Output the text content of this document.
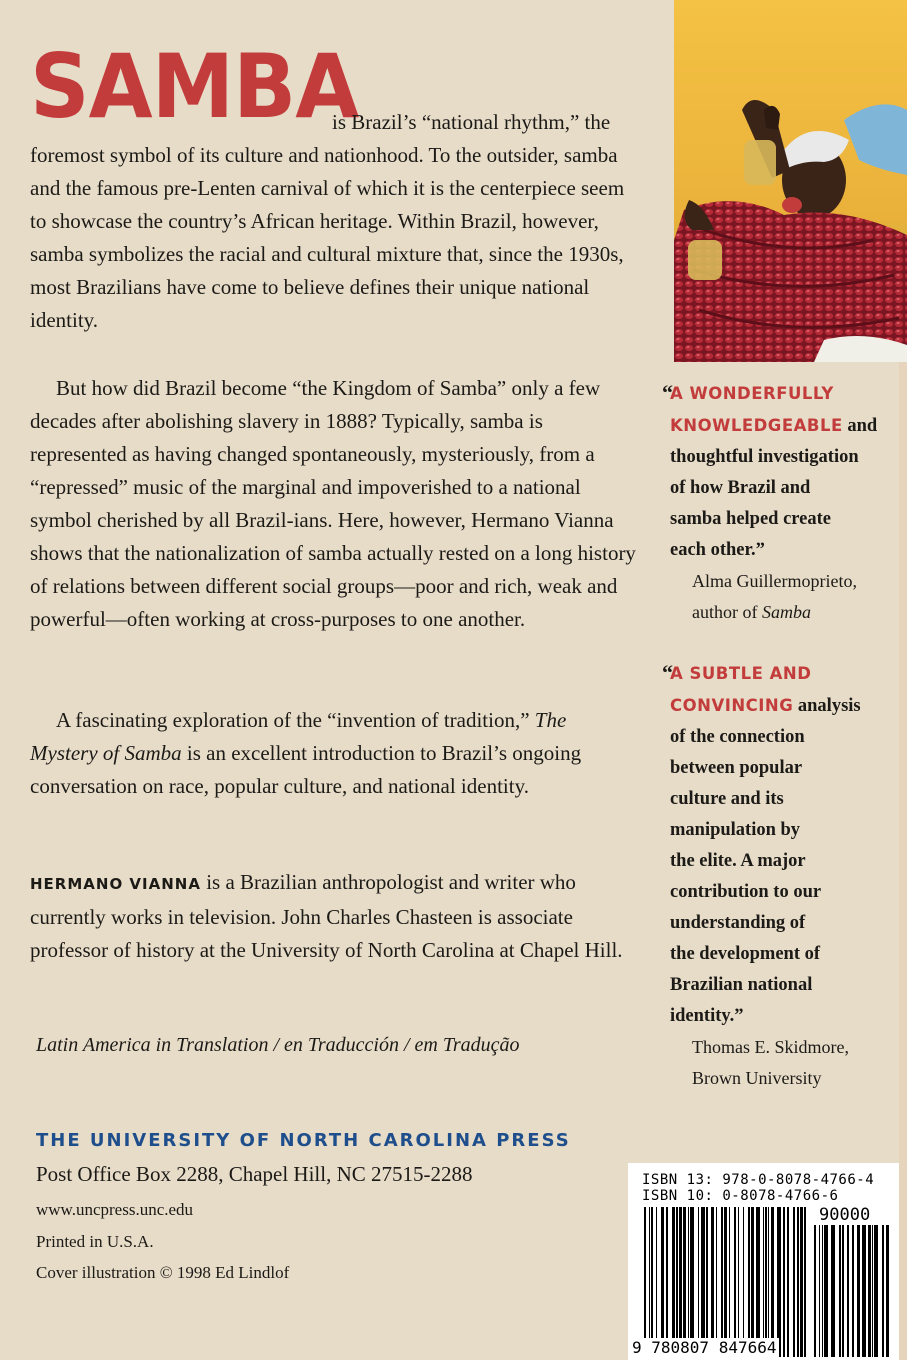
SAMBA
is Brazil’s “national rhythm,” the foremost symbol of its culture and nationhood. To the outsider, samba and the famous pre-Lenten carnival of which it is the centerpiece seem to showcase the country’s African heritage. Within Brazil, however, samba symbolizes the racial and cultural mixture that, since the 1930s, most Brazilians have come to believe defines their unique national identity.
But how did Brazil become “the Kingdom of Samba” only a few decades after abolishing slavery in 1888? Typically, samba is represented as having changed spontaneously, mysteriously, from a “repressed” music of the marginal and impoverished to a national symbol cherished by all Brazil-ians. Here, however, Hermano Vianna shows that the nationalization of samba actually rested on a long history of relations between different social groups—poor and rich, weak and powerful—often working at cross-purposes to one another.
A fascinating exploration of the “invention of tradition,” The Mystery of Samba is an excellent introduction to Brazil’s ongoing conversation on race, popular culture, and national identity.
HERMANO VIANNA is a Brazilian anthropologist and writer who currently works in television. John Charles Chasteen is associate professor of history at the University of North Carolina at Chapel Hill.
Latin America in Translation / en Traducción / em Tradução
THE UNIVERSITY OF NORTH CAROLINA PRESS
Post Office Box 2288, Chapel Hill, NC 27515-2288
www.uncpress.unc.edu
Printed in U.S.A.
Cover illustration © 1998 Ed Lindlof
“
A WONDERFULLY
KNOWLEDGEABLE and
thoughtful investigation
of how Brazil and
samba helped create
each other.”
Alma Guillermoprieto,
author of Samba
“
A SUBTLE AND
CONVINCING analysis
of the connection
between popular
culture and its
manipulation by
the elite. A major
contribution to our
understanding of
the development of
Brazilian national
identity.”
Thomas E. Skidmore,
Brown University
ISBN 13: 978-0-8078-4766-4
ISBN 10: 0-8078-4766-6
90000
9 780807 847664
